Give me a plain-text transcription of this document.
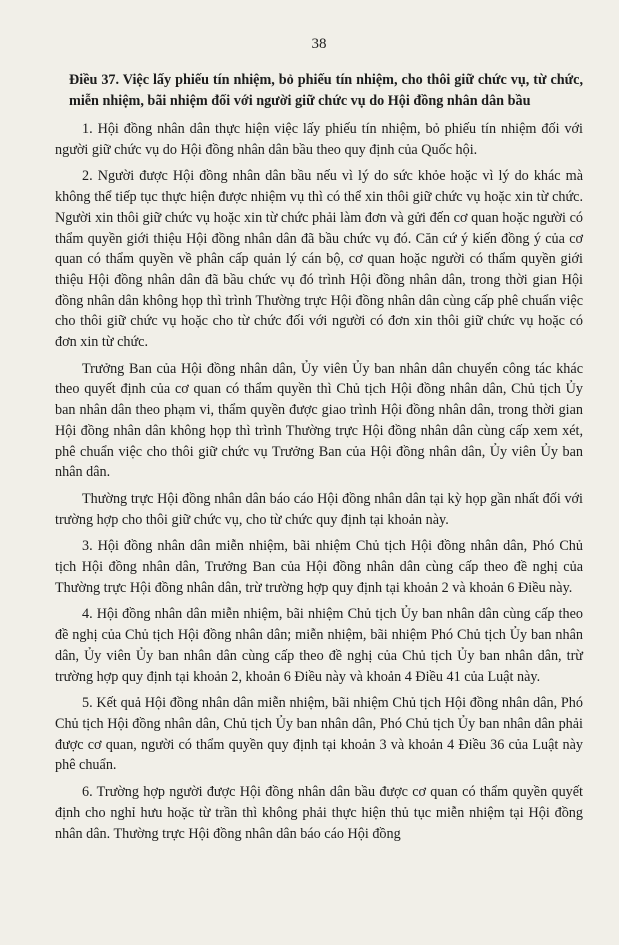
38
Điều 37. Việc lấy phiếu tín nhiệm, bỏ phiếu tín nhiệm, cho thôi giữ chức vụ, từ chức, miễn nhiệm, bãi nhiệm đối với người giữ chức vụ do Hội đồng nhân dân bầu

1. Hội đồng nhân dân thực hiện việc lấy phiếu tín nhiệm, bỏ phiếu tín nhiệm đối với người giữ chức vụ do Hội đồng nhân dân bầu theo quy định của Quốc hội.

2. Người được Hội đồng nhân dân bầu nếu vì lý do sức khỏe hoặc vì lý do khác mà không thể tiếp tục thực hiện được nhiệm vụ thì có thể xin thôi giữ chức vụ hoặc xin từ chức. Người xin thôi giữ chức vụ hoặc xin từ chức phải làm đơn và gửi đến cơ quan hoặc người có thẩm quyền giới thiệu Hội đồng nhân dân đã bầu chức vụ đó. Căn cứ ý kiến đồng ý của cơ quan có thẩm quyền về phân cấp quản lý cán bộ, cơ quan hoặc người có thẩm quyền giới thiệu Hội đồng nhân dân đã bầu chức vụ đó trình Hội đồng nhân dân, trong thời gian Hội đồng nhân dân không họp thì trình Thường trực Hội đồng nhân dân cùng cấp phê chuẩn việc cho thôi giữ chức vụ hoặc cho từ chức đối với người có đơn xin thôi giữ chức vụ hoặc có đơn xin từ chức.

Trưởng Ban của Hội đồng nhân dân, Ủy viên Ủy ban nhân dân chuyển công tác khác theo quyết định của cơ quan có thẩm quyền thì Chủ tịch Hội đồng nhân dân, Chủ tịch Ủy ban nhân dân theo phạm vi, thẩm quyền được giao trình Hội đồng nhân dân, trong thời gian Hội đồng nhân dân không họp thì trình Thường trực Hội đồng nhân dân cùng cấp xem xét, phê chuẩn việc cho thôi giữ chức vụ Trưởng Ban của Hội đồng nhân dân, Ủy viên Ủy ban nhân dân.

Thường trực Hội đồng nhân dân báo cáo Hội đồng nhân dân tại kỳ họp gần nhất đối với trường hợp cho thôi giữ chức vụ, cho từ chức quy định tại khoản này.

3. Hội đồng nhân dân miễn nhiệm, bãi nhiệm Chủ tịch Hội đồng nhân dân, Phó Chủ tịch Hội đồng nhân dân, Trưởng Ban của Hội đồng nhân dân cùng cấp theo đề nghị của Thường trực Hội đồng nhân dân, trừ trường hợp quy định tại khoản 2 và khoản 6 Điều này.

4. Hội đồng nhân dân miễn nhiệm, bãi nhiệm Chủ tịch Ủy ban nhân dân cùng cấp theo đề nghị của Chủ tịch Hội đồng nhân dân; miễn nhiệm, bãi nhiệm Phó Chủ tịch Ủy ban nhân dân, Ủy viên Ủy ban nhân dân cùng cấp theo đề nghị của Chủ tịch Ủy ban nhân dân, trừ trường hợp quy định tại khoản 2, khoản 6 Điều này và khoản 4 Điều 41 của Luật này.

5. Kết quả Hội đồng nhân dân miễn nhiệm, bãi nhiệm Chủ tịch Hội đồng nhân dân, Phó Chủ tịch Hội đồng nhân dân, Chủ tịch Ủy ban nhân dân, Phó Chủ tịch Ủy ban nhân dân phải được cơ quan, người có thẩm quyền quy định tại khoản 3 và khoản 4 Điều 36 của Luật này phê chuẩn.

6. Trường hợp người được Hội đồng nhân dân bầu được cơ quan có thẩm quyền quyết định cho nghỉ hưu hoặc từ trần thì không phải thực hiện thủ tục miễn nhiệm tại Hội đồng nhân dân. Thường trực Hội đồng nhân dân báo cáo Hội đồng
